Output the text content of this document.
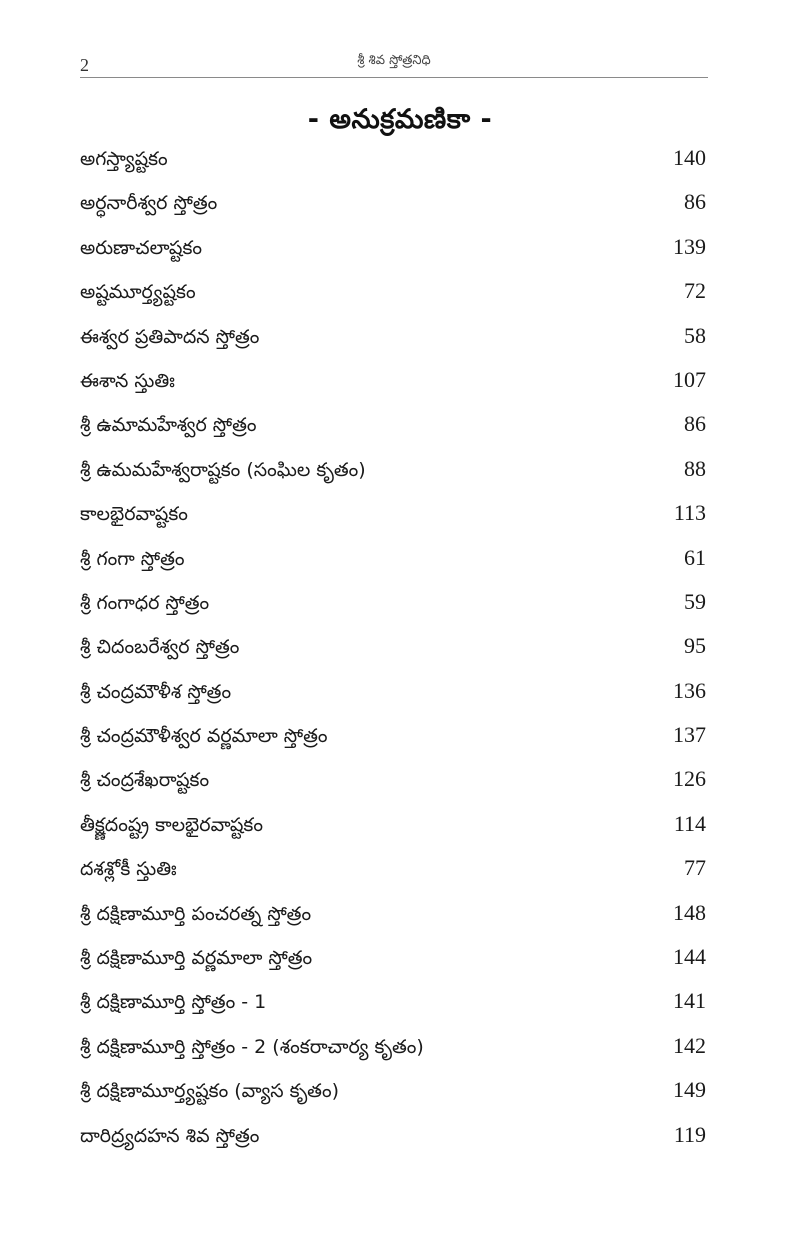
2	శ్రీ శివ స్తోత్రనిధి
- అనుక్రమణికా -
అగస్త్యాష్టకం	140
అర్ధనారీశ్వర స్తోత్రం	86
అరుణాచలాష్టకం	139
అష్టమూర్త్యష్టకం	72
ఈశ్వర ప్రతిపాదన స్తోత్రం	58
ఈశాన స్తుతిః	107
శ్రీ ఉమామహేశ్వర స్తోత్రం	86
శ్రీ ఉమమహేశ్వరాష్టకం (సంఘిల కృతం)	88
కాలభైరవాష్టకం	113
శ్రీ గంగా స్తోత్రం	61
శ్రీ గంగాధర స్తోత్రం	59
శ్రీ చిదంబరేశ్వర స్తోత్రం	95
శ్రీ చంద్రమౌళీశ స్తోత్రం	136
శ్రీ చంద్రమౌళీశ్వర వర్ణమాలా స్తోత్రం	137
శ్రీ చంద్రశేఖరాష్టకం	126
తీక్ష్ణదంష్ట్ర కాలభైరవాష్టకం	114
దశశ్లోకీ స్తుతిః	77
శ్రీ దక్షిణామూర్తి పంచరత్న స్తోత్రం	148
శ్రీ దక్షిణామూర్తి వర్ణమాలా స్తోత్రం	144
శ్రీ దక్షిణామూర్తి స్తోత్రం - 1	141
శ్రీ దక్షిణామూర్తి స్తోత్రం - 2 (శంకరాచార్య కృతం)	142
శ్రీ దక్షిణామూర్త్యష్టకం (వ్యాస కృతం)	149
దారిద్ర్యదహన శివ స్తోత్రం	119
